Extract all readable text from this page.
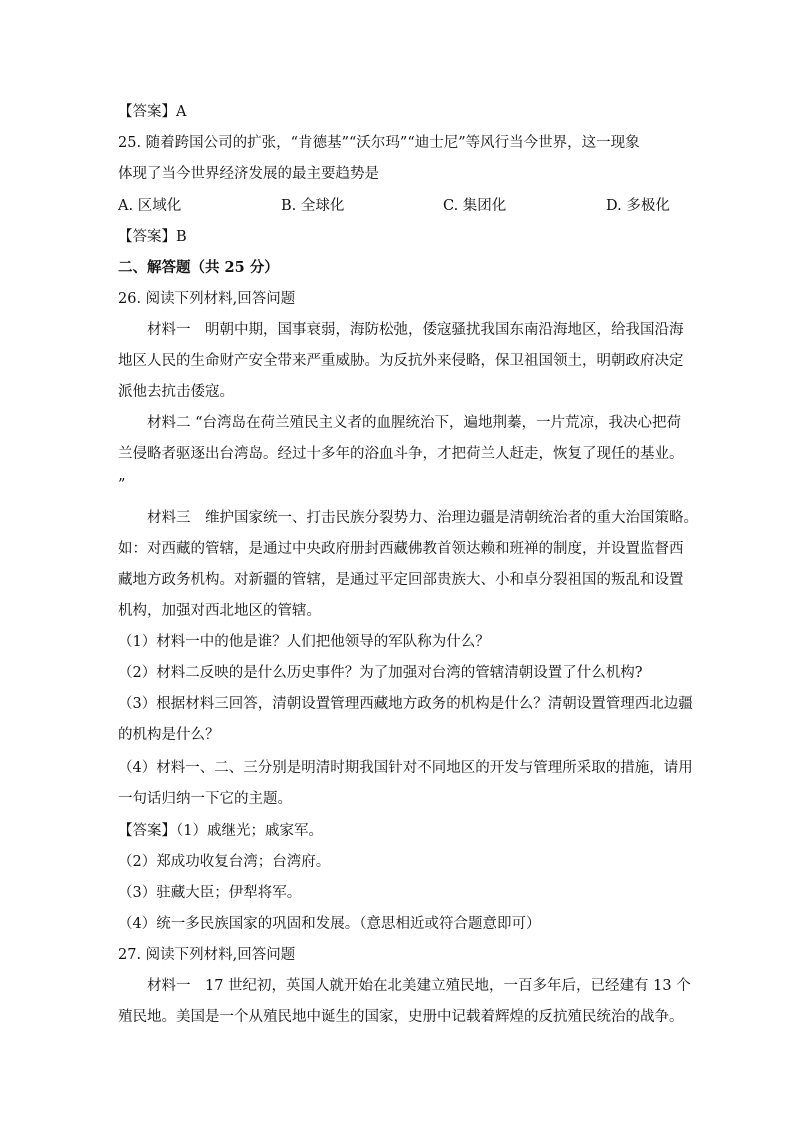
【答案】A
25. 随着跨国公司的扩张，“肯德基”“沃尔玛”“迪士尼”等风行当今世界，这一现象
体现了当今世界经济发展的最主要趋势是
A. 区域化	B. 全球化	C. 集团化	D. 多极化
【答案】B
二、解答题（共 25 分）
26. 阅读下列材料,回答问题
材料一　明朝中期，国事衰弱，海防松弛，倭寇骚扰我国东南沿海地区，给我国沿海
地区人民的生命财产安全带来严重威胁。为反抗外来侵略，保卫祖国领土，明朝政府决定
派他去抗击倭寇。
材料二 “台湾岛在荷兰殖民主义者的血腥统治下，遍地荆蓁，一片荒凉，我决心把荷
兰侵略者驱逐出台湾岛。经过十多年的浴血斗争，才把荷兰人赶走，恢复了现任的基业。
”
材料三　维护国家统一、打击民族分裂势力、治理边疆是清朝统治者的重大治国策略。
如：对西藏的管辖，是通过中央政府册封西藏佛教首领达赖和班禅的制度，并设置监督西
藏地方政务机构。对新疆的管辖，是通过平定回部贵族大、小和卓分裂祖国的叛乱和设置
机构，加强对西北地区的管辖。
（1）材料一中的他是谁？人们把他领导的军队称为什么？
（2）材料二反映的是什么历史事件？为了加强对台湾的管辖清朝设置了什么机构?
（3）根据材料三回答，清朝设置管理西藏地方政务的机构是什么？清朝设置管理西北边疆
的机构是什么？
（4）材料一、二、三分别是明清时期我国针对不同地区的开发与管理所采取的措施，请用
一句话归纳一下它的主题。
【答案】（1）戚继光；戚家军。
（2）郑成功收复台湾；台湾府。
（3）驻藏大臣；伊犁将军。
（4）统一多民族国家的巩固和发展。（意思相近或符合题意即可）
27. 阅读下列材料,回答问题
材料一　17 世纪初，英国人就开始在北美建立殖民地，一百多年后，已经建有 13 个
殖民地。美国是一个从殖民地中诞生的国家，史册中记载着辉煌的反抗殖民统治的战争。
